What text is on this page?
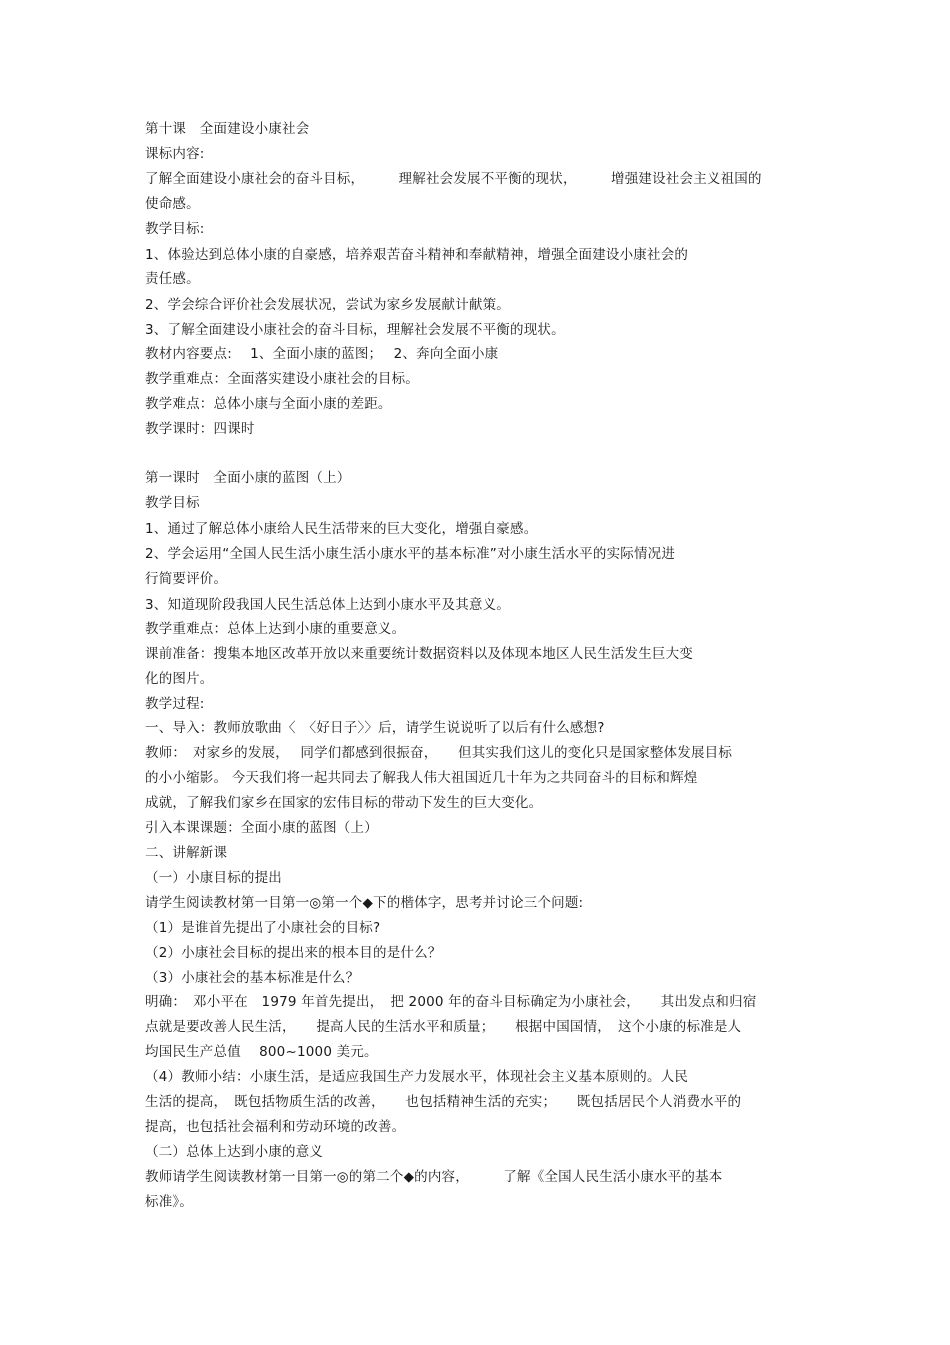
第十课　全面建设小康社会
课标内容:
了解全面建设小康社会的奋斗目标，　　　理解社会发展不平衡的现状，　　　增强建设社会主义祖国的
使命感。
教学目标:
1、体验达到总体小康的自豪感，培养艰苦奋斗精神和奉献精神，增强全面建设小康社会的
责任感。
2、学会综合评价社会发展状况，尝试为家乡发展献计献策。
3、了解全面建设小康社会的奋斗目标，理解社会发展不平衡的现状。
教材内容要点:　 1、全面小康的蓝图；　 2、奔向全面小康
教学重难点：全面落实建设小康社会的目标。
教学难点：总体小康与全面小康的差距。
教学课时：四课时
第一课时　全面小康的蓝图（上）
教学目标
1、通过了解总体小康给人民生活带来的巨大变化，增强自豪感。
2、学会运用“全国人民生活小康生活小康水平的基本标准”对小康生活水平的实际情况进
行简要评价。
3、知道现阶段我国人民生活总体上达到小康水平及其意义。
教学重难点：总体上达到小康的重要意义。
课前准备：搜集本地区改革开放以来重要统计数据资料以及体现本地区人民生活发生巨大变
化的图片。
教学过程:
一、导入：教师放歌曲〈　〈好日子〉〉后，请学生说说听了以后有什么感想?
教师：　对家乡的发展，　 同学们都感到很振奋，　　但其实我们这儿的变化只是国家整体发展目标
的小小缩影。 今天我们将一起共同去了解我人伟大祖国近几十年为之共同奋斗的目标和辉煌
成就，了解我们家乡在国家的宏伟目标的带动下发生的巨大变化。
引入本课课题：全面小康的蓝图（上）
二、讲解新课
（一）小康目标的提出
请学生阅读教材第一目第一◎第一个◆下的楷体字，思考并讨论三个问题:
（1）是谁首先提出了小康社会的目标?
（2）小康社会目标的提出来的根本目的是什么？
（3）小康社会的基本标准是什么？
明确：　邓小平在　1979 年首先提出，　把 2000 年的奋斗目标确定为小康社会，　　其出发点和归宿
点就是要改善人民生活，　　提高人民的生活水平和质量；　　根据中国国情，　这个小康的标准是人
均国民生产总值　 800~1000 美元。
（4）教师小结：小康生活，是适应我国生产力发展水平，体现社会主义基本原则的。人民
生活的提高，　既包括物质生活的改善，　　也包括精神生活的充实；　　既包括居民个人消费水平的
提高，也包括社会福利和劳动环境的改善。
（二）总体上达到小康的意义
教师请学生阅读教材第一目第一◎的第二个◆的内容，　　　了解《全国人民生活小康水平的基本
标准》。
